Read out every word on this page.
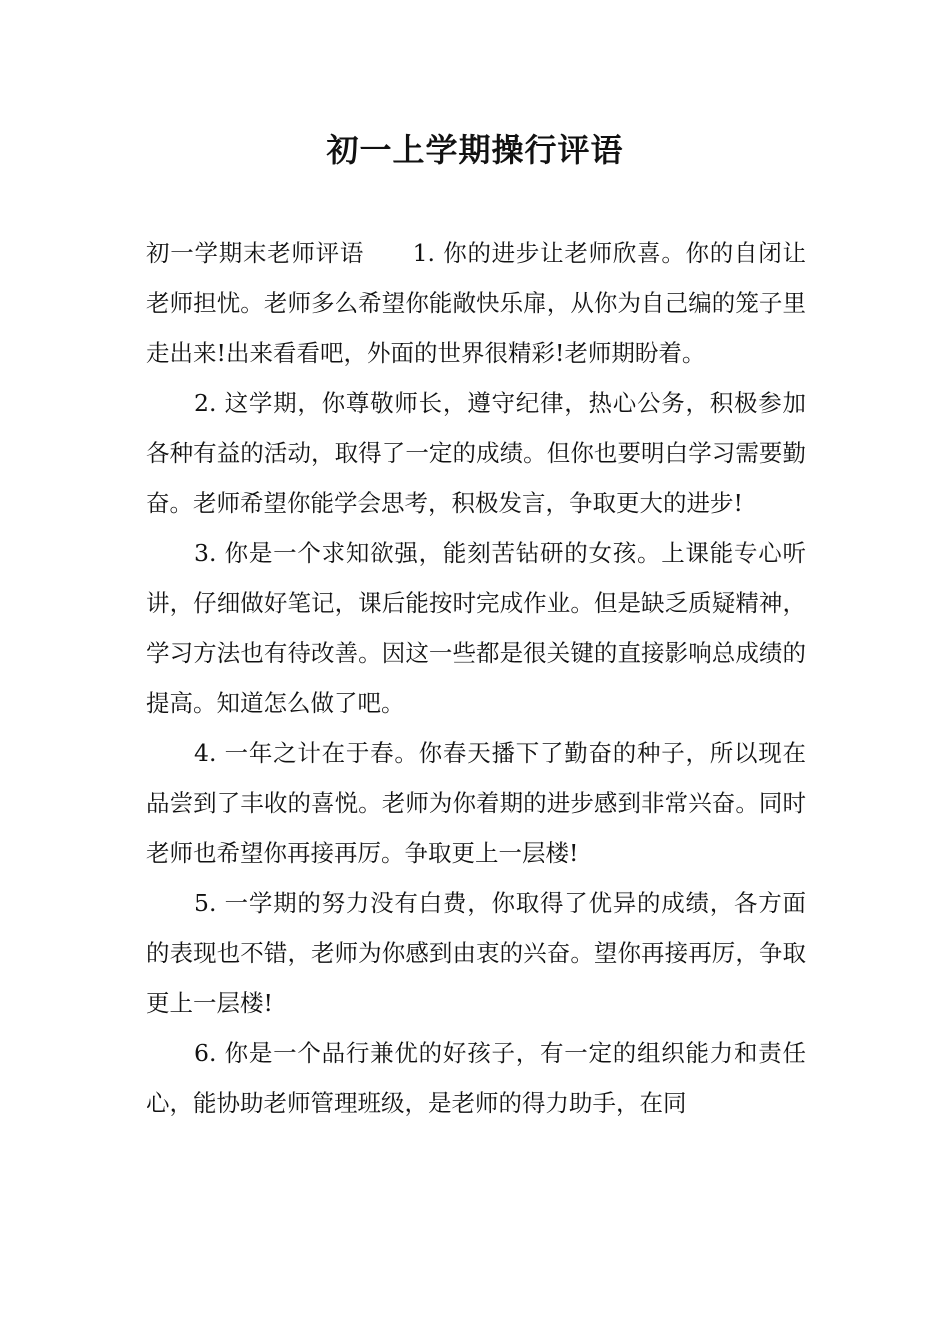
初一上学期操行评语

初一学期末老师评语　　1. 你的进步让老师欣喜。你的自闭让老师担忧。老师多么希望你能敞快乐扉，从你为自己编的笼子里走出来!出来看看吧，外面的世界很精彩!老师期盼着。

2. 这学期，你尊敬师长，遵守纪律，热心公务，积极参加各种有益的活动，取得了一定的成绩。但你也要明白学习需要勤奋。老师希望你能学会思考，积极发言，争取更大的进步!

3. 你是一个求知欲强，能刻苦钻研的女孩。上课能专心听讲，仔细做好笔记，课后能按时完成作业。但是缺乏质疑精神，学习方法也有待改善。因这一些都是很关键的直接影响总成绩的提高。知道怎么做了吧。

4. 一年之计在于春。你春天播下了勤奋的种子，所以现在品尝到了丰收的喜悦。老师为你着期的进步感到非常兴奋。同时老师也希望你再接再厉。争取更上一层楼!

5. 一学期的努力没有白费，你取得了优异的成绩，各方面的表现也不错，老师为你感到由衷的兴奋。望你再接再厉，争取更上一层楼!

6. 你是一个品行兼优的好孩子，有一定的组织能力和责任心，能协助老师管理班级，是老师的得力助手，在同
